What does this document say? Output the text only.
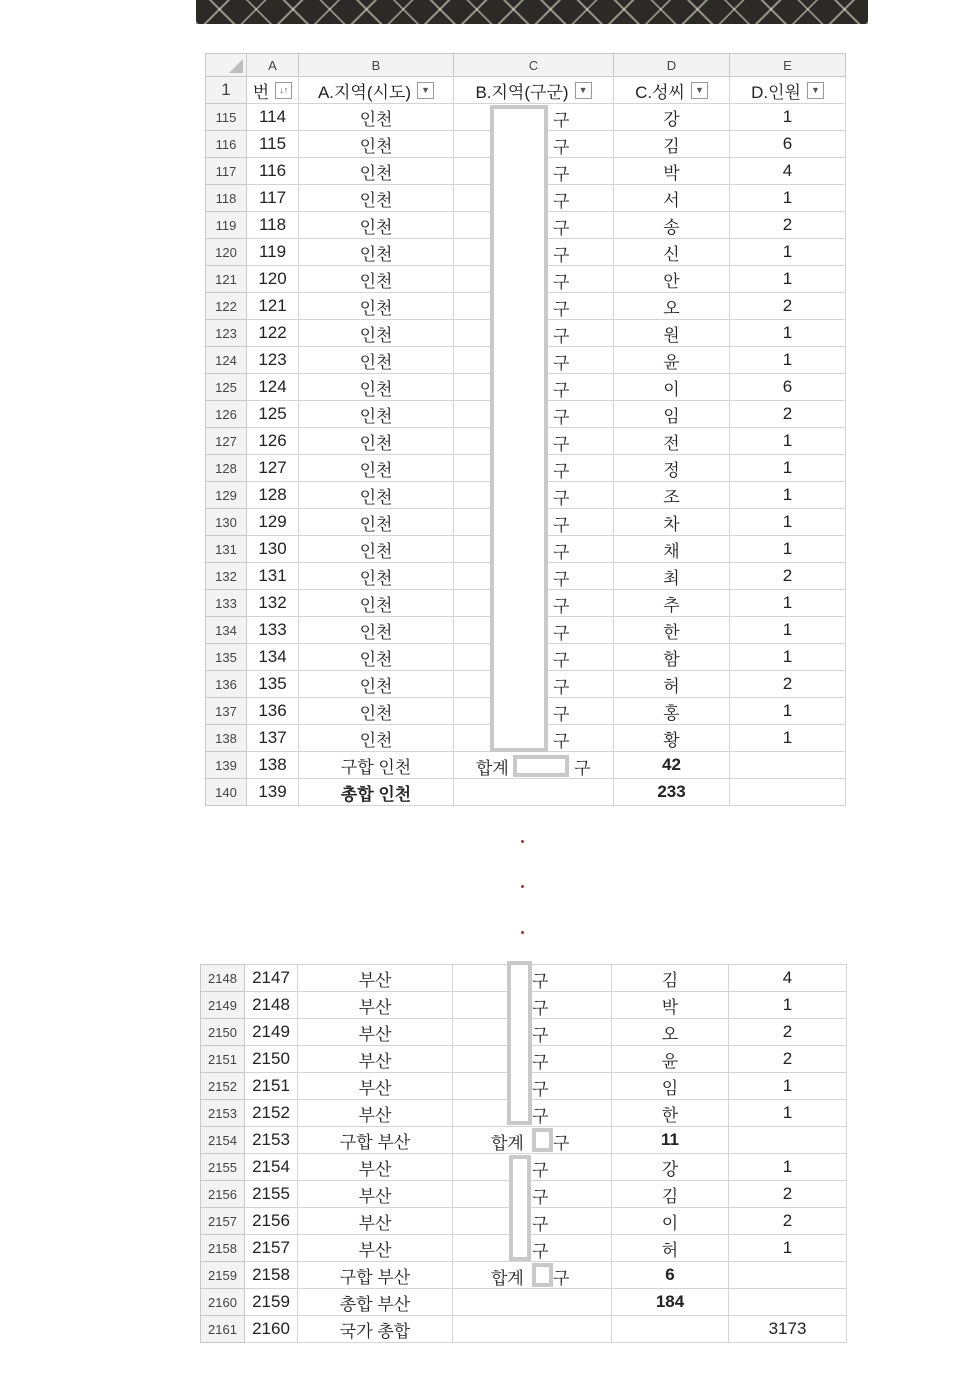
	A	B	C	D	E
1	번 ↓↑	A.지역(시도) ▼	B.지역(구군) ▼	C.성씨 ▼	D.인원 ▼
115	114	인천	구	강	1
116	115	인천	구	김	6
117	116	인천	구	박	4
118	117	인천	구	서	1
119	118	인천	구	송	2
120	119	인천	구	신	1
121	120	인천	구	안	1
122	121	인천	구	오	2
123	122	인천	구	원	1
124	123	인천	구	윤	1
125	124	인천	구	이	6
126	125	인천	구	임	2
127	126	인천	구	전	1
128	127	인천	구	정	1
129	128	인천	구	조	1
130	129	인천	구	차	1
131	130	인천	구	채	1
132	131	인천	구	최	2
133	132	인천	구	추	1
134	133	인천	구	한	1
135	134	인천	구	함	1
136	135	인천	구	허	2
137	136	인천	구	홍	1
138	137	인천	구	황	1
139	138	구합 인천	합계 구	42	
140	139	총합 인천		233	
2148	2147	부산	구	김	4
2149	2148	부산	구	박	1
2150	2149	부산	구	오	2
2151	2150	부산	구	윤	2
2152	2151	부산	구	임	1
2153	2152	부산	구	한	1
2154	2153	구합 부산	합계 구	11	
2155	2154	부산	구	강	1
2156	2155	부산	구	김	2
2157	2156	부산	구	이	2
2158	2157	부산	구	허	1
2159	2158	구합 부산	합계 구	6	
2160	2159	총합 부산		184	
2161	2160	국가 총합			3173
